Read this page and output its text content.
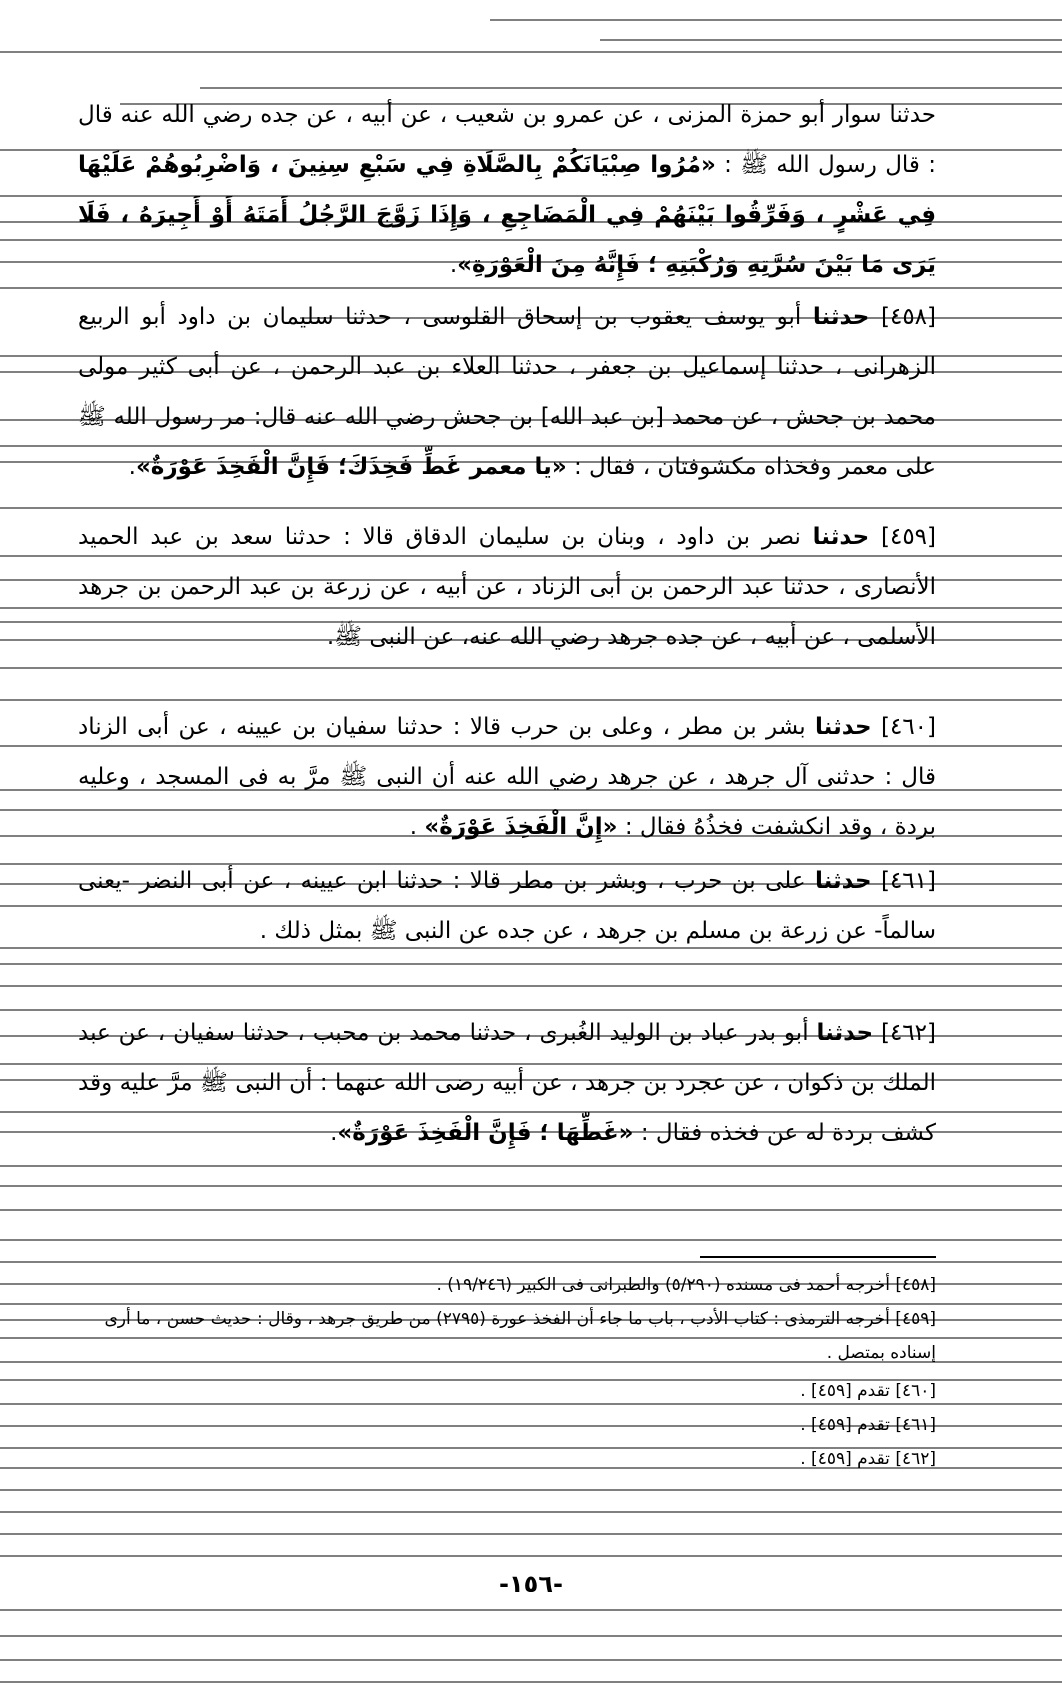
حدثنا سوار أبو حمزة المزنى ، عن عمرو بن شعيب ، عن أبيه ، عن جده رضي الله عنه قال : قال رسول الله ﷺ : «مُرُوا صِبْيَانَكُمْ بِالصَّلَاةِ فِي سَبْعِ سِنِينَ ، وَاضْرِبُوهُمْ عَلَيْهَا فِي عَشْرٍ ، وَفَرِّقُوا بَيْنَهُمْ فِي الْمَضَاجِعِ ، وَإِذَا زَوَّجَ الرَّجُلُ أَمَتَهُ أَوْ أَجِيرَهُ ، فَلَا يَرَى مَا بَيْنَ سُرَّتِهِ وَرُكْبَتِهِ ؛ فَإِنَّهُ مِنَ الْعَوْرَةِ».
[٤٥٨] حدثنا أبو يوسف يعقوب بن إسحاق القلوسى ، حدثنا سليمان بن داود أبو الربيع الزهرانى ، حدثنا إسماعيل بن جعفر ، حدثنا العلاء بن عبد الرحمن ، عن أبى كثير مولى محمد بن جحش ، عن محمد [بن عبد الله] بن جحش رضي الله عنه قال: مر رسول الله ﷺ على معمر وفخذاه مكشوفتان ، فقال : «يا معمر غَطِّ فَخِذَكَ؛ فَإِنَّ الْفَخِذَ عَوْرَةٌ».
[٤٥٩] حدثنا نصر بن داود ، وبنان بن سليمان الدقاق قالا : حدثنا سعد بن عبد الحميد الأنصارى ، حدثنا عبد الرحمن بن أبى الزناد ، عن أبيه ، عن زرعة بن عبد الرحمن بن جرهد الأسلمى ، عن أبيه ، عن جده جرهد رضي الله عنه، عن النبى ﷺ.
[٤٦٠] حدثنا بشر بن مطر ، وعلى بن حرب قالا : حدثنا سفيان بن عيينه ، عن أبى الزناد قال : حدثنى آل جرهد ، عن جرهد رضي الله عنه أن النبى ﷺ مرَّ به فى المسجد ، وعليه بردة ، وقد انكشفت فخذُهُ فقال : «إِنَّ الْفَخِذَ عَوْرَةٌ» .
[٤٦١] حدثنا على بن حرب ، وبشر بن مطر قالا : حدثنا ابن عيينه ، عن أبى النضر -يعنى سالماً- عن زرعة بن مسلم بن جرهد ، عن جده عن النبى ﷺ بمثل ذلك .
[٤٦٢] حدثنا أبو بدر عباد بن الوليد الغُبرى ، حدثنا محمد بن محبب ، حدثنا سفيان ، عن عبد الملك بن ذكوان ، عن عجرد بن جرهد ، عن أبيه رضى الله عنهما : أن النبى ﷺ مرَّ عليه وقد كشف بردة له عن فخذه فقال : «غَطِّهَا ؛ فَإِنَّ الْفَخِذَ عَوْرَةٌ».
[٤٥٨] أخرجه أحمد فى مسنده (٥/٢٩٠) والطبرانى فى الكبير (١٩/٢٤٦) .
[٤٥٩] أخرجه الترمذى : كتاب الأدب ، باب ما جاء أن الفخذ عورة (٢٧٩٥) من طريق جرهد ، وقال : حديث حسن ، ما أرى إسناده بمتصل .
[٤٦٠] تقدم [٤٥٩] .
[٤٦١] تقدم [٤٥٩] .
[٤٦٢] تقدم [٤٥٩] .
-١٥٦-
